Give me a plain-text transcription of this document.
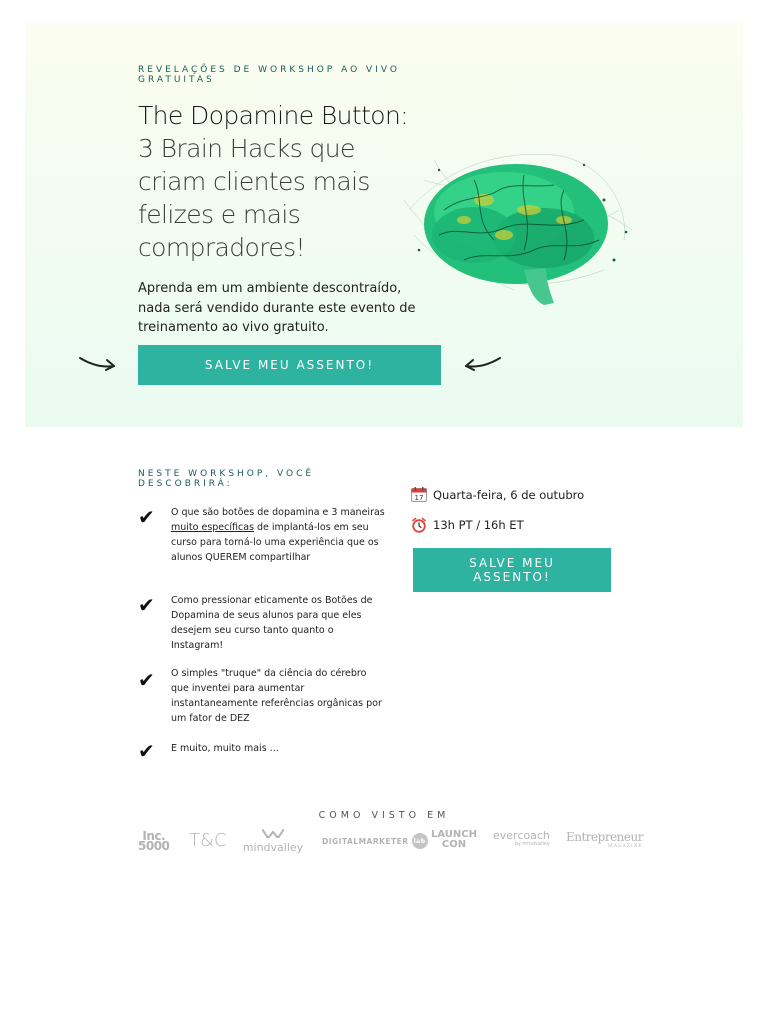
REVELAÇÕES DE WORKSHOP AO VIVO GRATUITAS
The Dopamine Button:
3 Brain Hacks que criam clientes mais felizes e mais compradores!

Aprenda em um ambiente descontraído, nada será vendido durante este evento de treinamento ao vivo gratuito.

SALVE MEU ASSENTO!
NESTE WORKSHOP, VOCÊ DESCOBRIRÁ:
✔ O que são botões de dopamina e 3 maneiras muito específicas de implantá-los em seu curso para torná-lo uma experiência que os alunos QUEREM compartilhar

✔ Como pressionar eticamente os Botões de Dopamina de seus alunos para que eles desejem seu curso tanto quanto o Instagram!

✔ O simples "truque" da ciência do cérebro que inventei para aumentar instantaneamente referências orgânicas por um fator de DEZ

✔ E muito, muito mais ...

17 Quarta-feira, 6 de outubro
13h PT / 16h ET
SALVE MEU ASSENTO!
COMO VISTO EM
Inc.
5000 T&C mindvalley	DIGITALMARKETER lab
LAUNCH
CON
evercoach
by mindvalley Entrepreneur
MAGAZINE
